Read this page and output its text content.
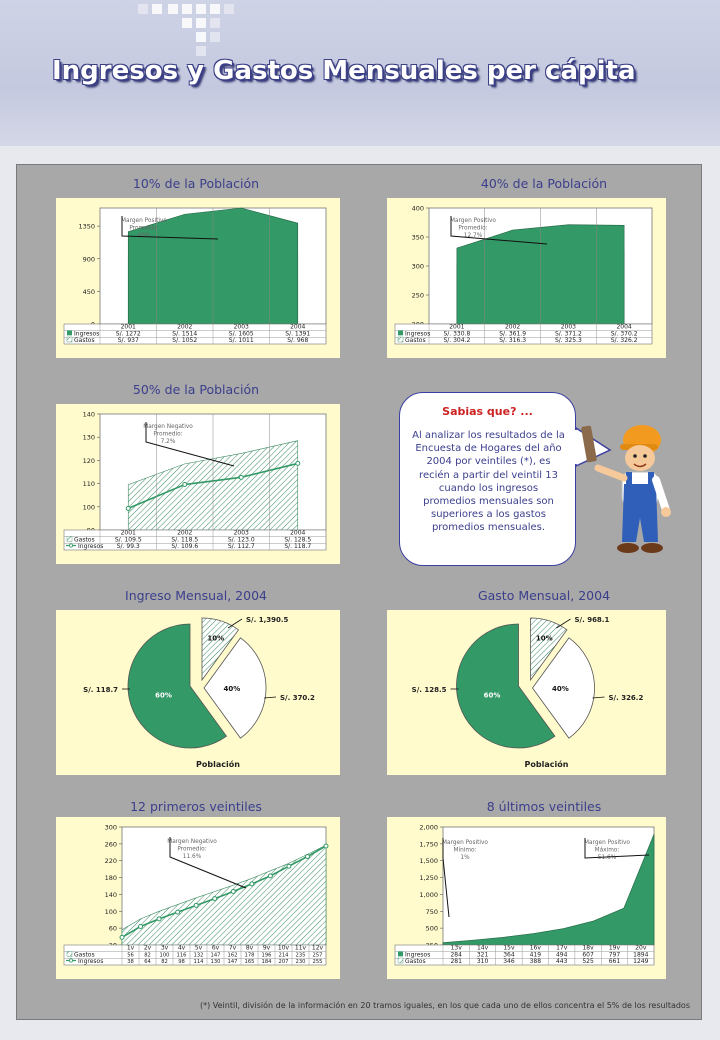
Ingresos y Gastos Mensuales per cápita
10% de la Población	40% de la Población
50% de la Población
Ingreso Mensual, 2004	Gasto Mensual, 2004
12 primeros veintiles	8 últimos veintiles
450
900
1350
2001	2002	2003	2004
Ingresos	S/. 1272	S/. 1514	S/. 1605	S/. 1391
Gastos	S/. 937	S/. 1052	S/. 1011	S/. 968
Margen Positivo
Promedio:
46%
250
300
350
400
2001	2002	2003	2004
Ingresos S/. 330.8	S/. 361.9	S/. 371.2	S/. 370.2
Gastos	S/. 304.2	S/. 316.3	S/. 325.3	S/. 326.2
Margen Positivo
Promedio:
12.7%
100
110
120
130
140
2001	2002	2003	2004
Gastos	S/. 109.5	S/. 118.5	S/. 123.0	S/. 128.5
Ingresos S/. 99.3	S/. 109.6	S/. 112.7	S/. 118.7
Margen Negativo
Promedio:
7.2%
60%
S/. 118.7
10%
S/. 1,390.5
40%
S/. 370.2
Población
60%
S/. 128.5
10%
S/. 968.1
40%
S/. 326.2
Población
60
100
140
180
220
260
300
1v 2v 3v 4v 5v 6v 7v 8v 9v 10v 11v 12v
Gastos	56 82 100 116 132 147 162 178 196 214 235 257
Ingresos	38 64 82 98 114 130 147 165 184 207 230 255
Margen Negativo
Promedio:
11.6%
500
750
1,000
1,250
1,500
1,750
2,000
13v	14v	15v	16v	17v	18v	19v	20v
Ingresos	284 321 364 419 494 607 797 1894
Gastos	281 310 346 388 443 525 661 1249
Margen Positivo
Mínimo:
1%
Margen Positivo
Máximo:
51.6%
Sabias que? ...
Al analizar los resultados de la Encuesta de Hogares del año 2004 por veintiles (*), es recién a partir del veintil 13 cuando los ingresos promedios mensuales son superiores a los gastos promedios mensuales.
(*) Veintil, división de la información en 20 tramos iguales, en los que cada uno de ellos concentra el 5% de los resultados
